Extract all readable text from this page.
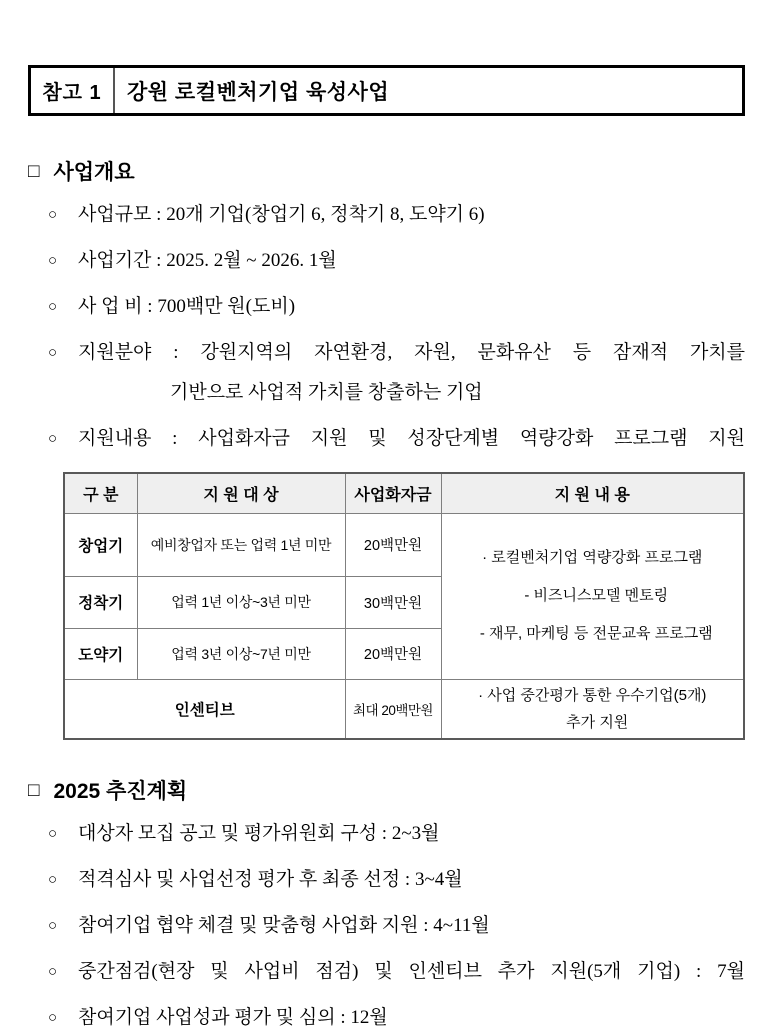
참고 1	강원 로컬벤처기업 육성사업
□ 사업개요
○	사업규모 : 20개 기업(창업기 6, 정착기 8, 도약기 6)
○	사업기간 : 2025. 2월 ~ 2026. 1월
○	사 업 비 : 700백만 원(도비)
○	지원분야 : 강원지역의 자연환경, 자원, 문화유산 등 잠재적 가치를
기반으로 사업적 가치를 창출하는 기업
○	지원내용 : 사업화자금 지원 및 성장단계별 역량강화 프로그램 지원
구 분	지 원 대 상	사업화자금	지 원 내 용
창업기	예비창업자 또는 업력 1년 미만	20백만원	· 로컬벤처기업 역량강화 프로그램
- 비즈니스모델 멘토링
- 재무, 마케팅 등 전문교육 프로그램

정착기	업력 1년 이상~3년 미만	30백만원	
도약기	업력 3년 이상~7년 미만	20백만원	
인센티브		최대 20백만원	· 사업 중간평가 통한 우수기업(5개)
추가 지원
□ 2025 추진계획
○	대상자 모집 공고 및 평가위원회 구성 : 2~3월
○	적격심사 및 사업선정 평가 후 최종 선정 : 3~4월
○	참여기업 협약 체결 및 맞춤형 사업화 지원 : 4~11월
○	중간점검(현장 및 사업비 점검) 및 인센티브 추가 지원(5개 기업) : 7월
○	참여기업 사업성과 평가 및 심의 : 12월
